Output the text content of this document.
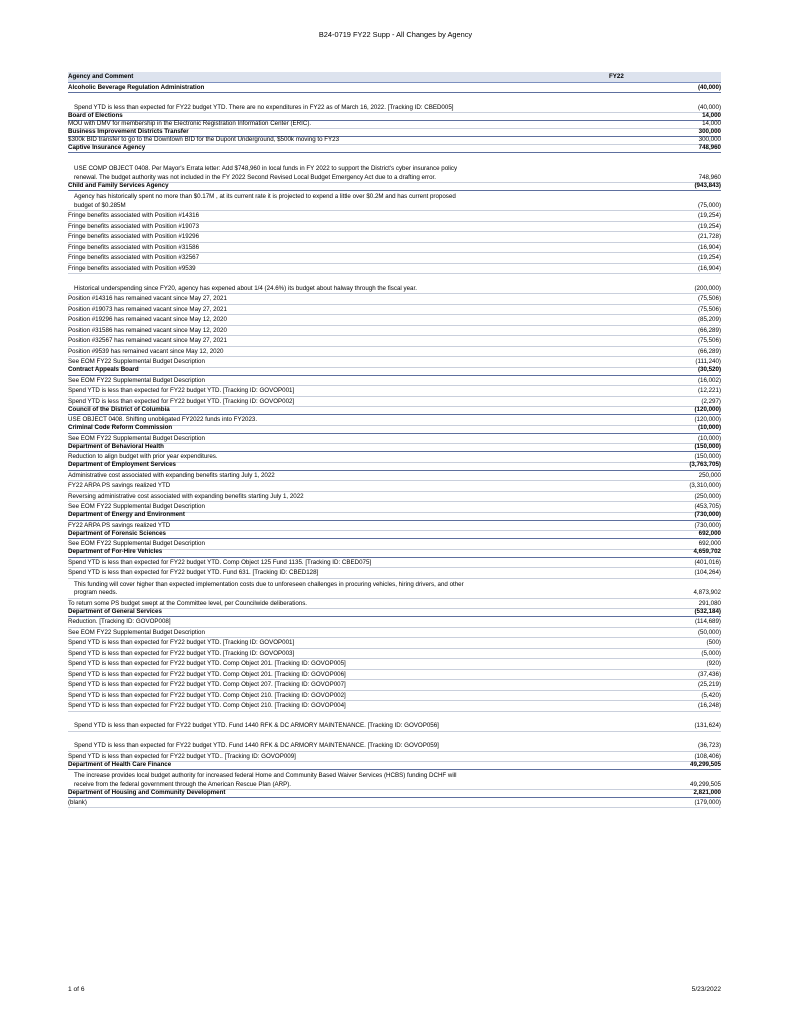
B24-0719 FY22 Supp - All Changes by Agency
Agency and Comment	FY22
Alcoholic Beverage Regulation Administration	(40,000)
Spend YTD is less than expected for FY22 budget YTD. There are no expenditures in FY22 as of March 16, 2022. [Tracking ID: CBED005]	(40,000)
Board of Elections	14,000
MOU with DMV for membership in the Electronic Registration Information Center (ERIC).	14,000
Business Improvement Districts Transfer	300,000
$300k BID transfer to go to the Downtown BID for the Dupont Underground, $500k moving to FY23	300,000
Captive Insurance Agency	748,960
USE COMP OBJECT 0408. Per Mayor's Errata letter: Add $748,960 in local funds in FY 2022 to support the District's cyber insurance policy
renewal. The budget authority was not included in the FY 2022 Second Revised Local Budget Emergency Act due to a drafting error.	748,960
Child and Family Services Agency	(943,843)
Agency has historically spent no more than $0.17M , at its current rate it is projected to expend a little over $0.2M and has current proposed
budget of $0.285M	(75,000)
Fringe benefits associated with Position #14316	(19,254)
Fringe benefits associated with Position #19073	(19,254)
Fringe benefits associated with Position #19296	(21,728)
Fringe benefits associated with Position #31586	(16,904)
Fringe benefits associated with Position #32567	(19,254)
Fringe benefits associated with Position #9539	(16,904)
Historical underspending since FY20, agency has expened about 1/4 (24.6%) its budget about halway through the fiscal year.	(200,000)
Position #14316 has remained vacant since May 27, 2021	(75,506)
Position #19073 has remained vacant since May 27, 2021	(75,506)
Position #19296 has remained vacant since May 12, 2020	(85,209)
Position #31586 has remained vacant since May 12, 2020	(66,289)
Position #32567 has remained vacant since May 27, 2021	(75,506)
Position #9539 has remained vacant since May 12, 2020	(66,289)
See EOM FY22 Supplemental Budget Description	(111,240)
Contract Appeals Board	(30,520)
See EOM FY22 Supplemental Budget Description	(16,002)
Spend YTD is less than expected for FY22 budget YTD. [Tracking ID: GOVOP001]	(12,221)
Spend YTD is less than expected for FY22 budget YTD. [Tracking ID: GOVOP002]	(2,297)
Council of the District of Columbia	(120,000)
USE OBJECT 0408. Shifting unobligated FY2022 funds into FY2023.	(120,000)
Criminal Code Reform Commission	(10,000)
See EOM FY22 Supplemental Budget Description	(10,000)
Department of Behavioral Health	(150,000)
Reduction to align budget with prior year expenditures.	(150,000)
Department of Employment Services	(3,763,705)
Administrative cost associated with expanding benefits starting July 1, 2022	250,000
FY22 ARPA PS savings realized YTD	(3,310,000)
Reversing administrative cost associated with expanding benefits starting July 1, 2022	(250,000)
See EOM FY22 Supplemental Budget Description	(453,705)
Department of Energy and Environment	(730,000)
FY22 ARPA PS savings realized YTD	(730,000)
Department of Forensic Sciences	692,000
See EOM FY22 Supplemental Budget Description	692,000
Department of For-Hire Vehicles	4,659,702
Spend YTD is less than expected for FY22 budget YTD. Comp Object 125 Fund 1135. [Tracking ID: CBED075]	(401,016)
Spend YTD is less than expected for FY22 budget YTD. Fund 631. [Tracking ID: CBED128]	(104,264)
This funding will cover higher than expected implementation costs due to unforeseen challenges in procuring vehicles, hiring drivers, and other
program needs.	4,873,902
To return some PS budget swept at the Committee level, per Councilwide deliberations.	291,080
Department of General Services	(532,184)
Reduction. [Tracking ID: GOVOP008]	(114,689)
See EOM FY22 Supplemental Budget Description	(50,000)
Spend YTD is less than expected for FY22 budget YTD. [Tracking ID: GOVOP001]	(500)
Spend YTD is less than expected for FY22 budget YTD. [Tracking ID: GOVOP003]	(5,000)
Spend YTD is less than expected for FY22 budget YTD. Comp Object 201. [Tracking ID: GOVOP005]	(920)
Spend YTD is less than expected for FY22 budget YTD. Comp Object 201. [Tracking ID: GOVOP006]	(37,436)
Spend YTD is less than expected for FY22 budget YTD. Comp Object 207. [Tracking ID: GOVOP007]	(25,219)
Spend YTD is less than expected for FY22 budget YTD. Comp Object 210. [Tracking ID: GOVOP002]	(5,420)
Spend YTD is less than expected for FY22 budget YTD. Comp Object 210. [Tracking ID: GOVOP004]	(16,248)
Spend YTD is less than expected for FY22 budget YTD. Fund 1440 RFK & DC ARMORY MAINTENANCE. [Tracking ID: GOVOP056]	(131,624)
Spend YTD is less than expected for FY22 budget YTD. Fund 1440 RFK & DC ARMORY MAINTENANCE. [Tracking ID: GOVOP059]	(36,723)
Spend YTD is less than expected for FY22 budget YTD.. [Tracking ID: GOVOP009]	(108,406)
Department of Health Care Finance	49,299,505
The increase provides local budget authority for increased federal Home and Community Based Waiver Services (HCBS) funding DCHF will
receive from the federal government through the American Rescue Plan (ARP).	49,299,505
Department of Housing and Community Development	2,821,000
(blank)	(179,000)
1 of 6	5/23/2022
